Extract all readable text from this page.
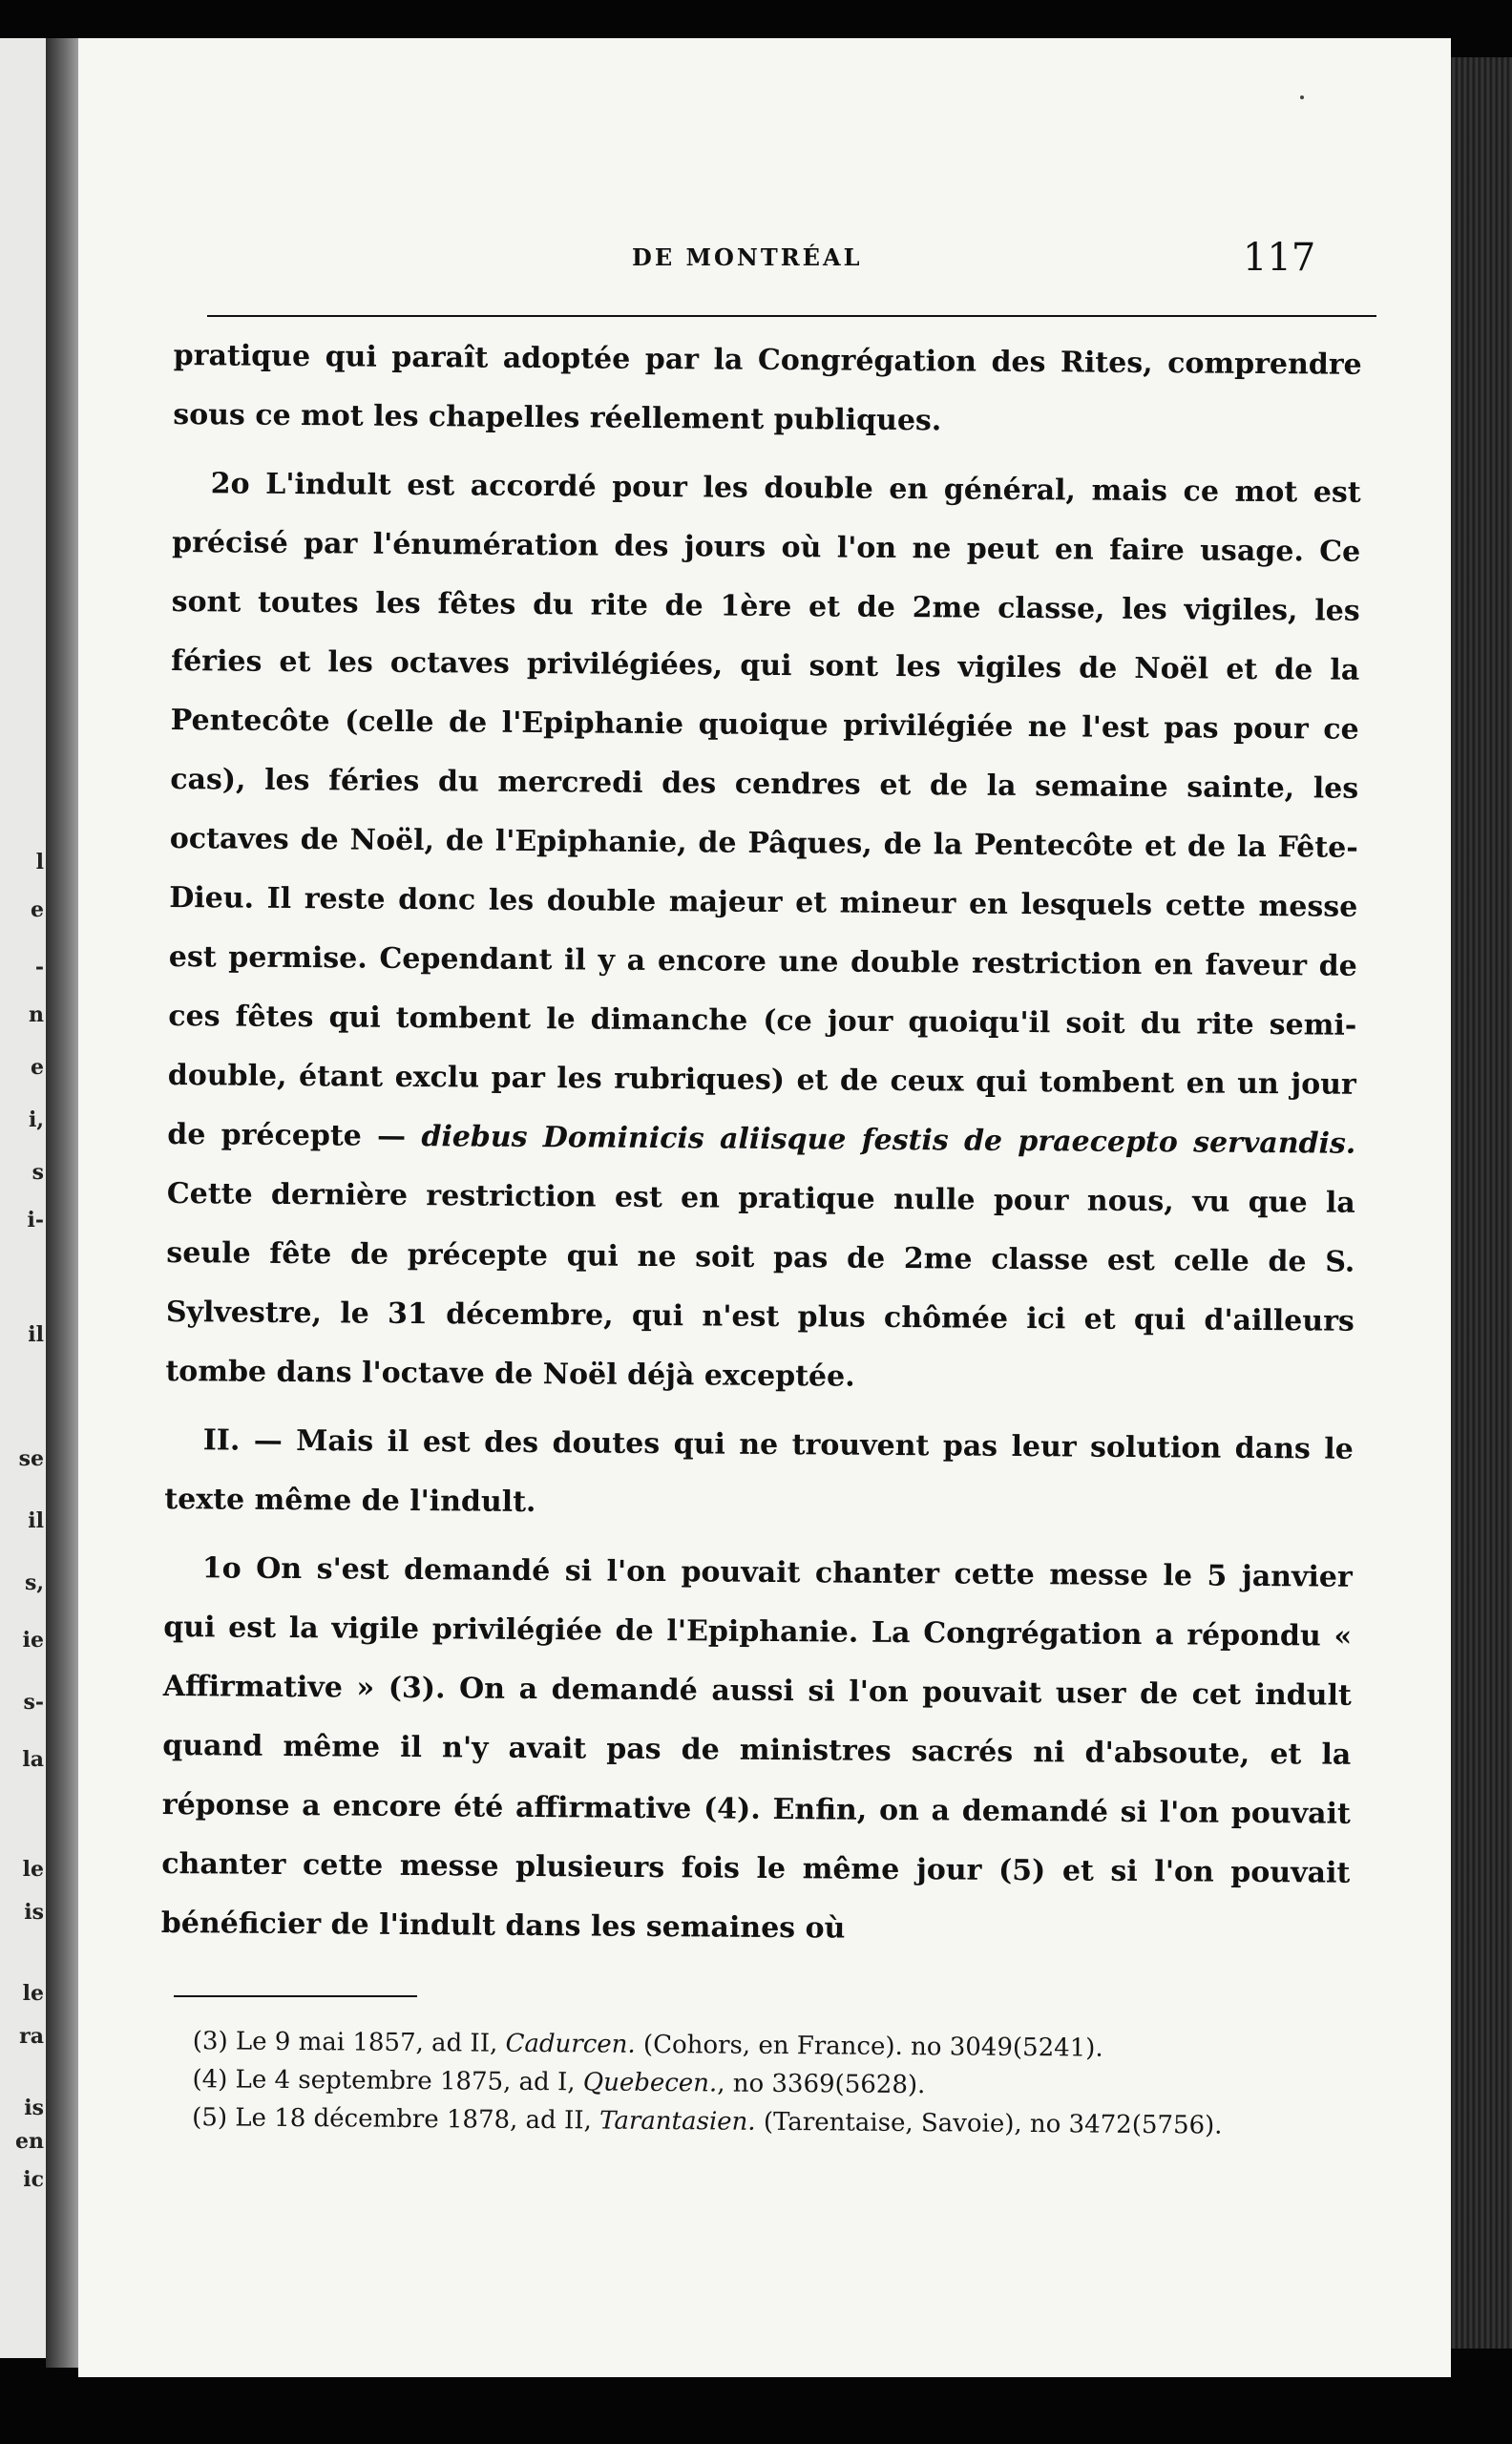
l
e
-
n
e
i,
s
i-
il
se
il
s,
ie
s-
la
le
is
le
ra
is
en
ic
DE MONTRÉAL	117

pratique qui paraît adoptée par la Congrégation des Rites, comprendre sous ce mot les chapelles réellement publiques.

2o L'indult est accordé pour les double en général, mais ce mot est précisé par l'énumération des jours où l'on ne peut en faire usage. Ce sont toutes les fêtes du rite de 1ère et de 2me classe, les vigiles, les féries et les octaves privilégiées, qui sont les vigiles de Noël et de la Pentecôte (celle de l'Epiphanie quoique privilégiée ne l'est pas pour ce cas), les féries du mercredi des cendres et de la semaine sainte, les octaves de Noël, de l'Epiphanie, de Pâques, de la Pentecôte et de la Fête-Dieu. Il reste donc les double majeur et mineur en lesquels cette messe est permise. Cependant il y a encore une double restriction en faveur de ces fêtes qui tombent le dimanche (ce jour quoiqu'il soit du rite semi-double, étant exclu par les rubriques) et de ceux qui tombent en un jour de précepte — diebus Dominicis aliisque festis de praecepto servandis. Cette dernière restriction est en pratique nulle pour nous, vu que la seule fête de précepte qui ne soit pas de 2me classe est celle de S. Sylvestre, le 31 décembre, qui n'est plus chômée ici et qui d'ailleurs tombe dans l'octave de Noël déjà exceptée.

II. — Mais il est des doutes qui ne trouvent pas leur solution dans le texte même de l'indult.

1o On s'est demandé si l'on pouvait chanter cette messe le 5 janvier qui est la vigile privilégiée de l'Epiphanie. La Congrégation a répondu « Affirmative » (3). On a demandé aussi si l'on pouvait user de cet indult quand même il n'y avait pas de ministres sacrés ni d'absoute, et la réponse a encore été affirmative (4). Enfin, on a demandé si l'on pouvait chanter cette messe plusieurs fois le même jour (5) et si l'on pouvait bénéficier de l'indult dans les semaines où

(3) Le 9 mai 1857, ad II, Cadurcen. (Cohors, en France). no 3049(5241).

(4) Le 4 septembre 1875, ad I, Quebecen., no 3369(5628).

(5) Le 18 décembre 1878, ad II, Tarantasien. (Tarentaise, Savoie), no 3472(5756).
